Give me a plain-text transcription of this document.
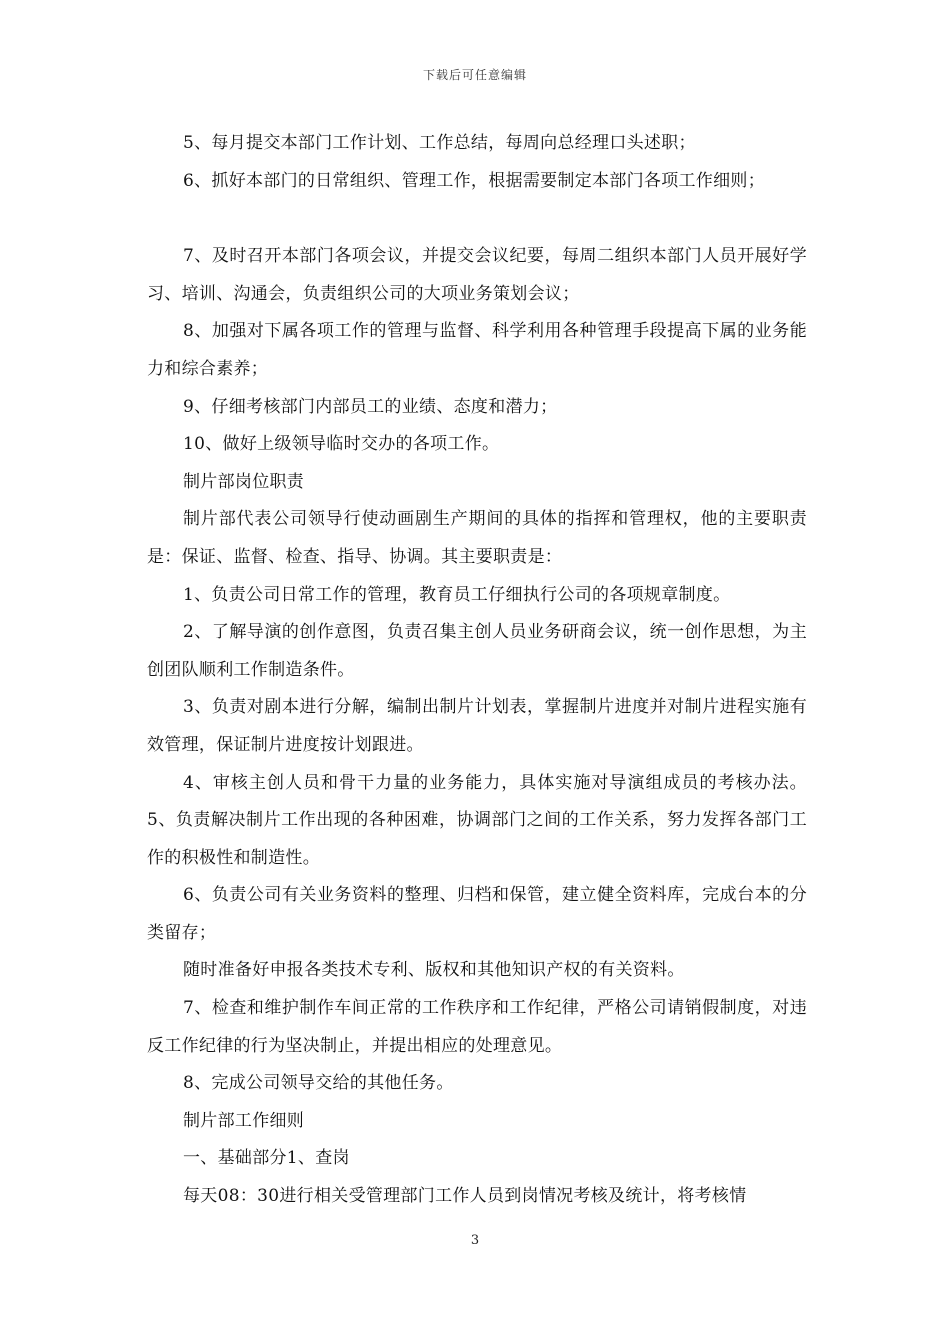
下载后可任意编辑

5、每月提交本部门工作计划、工作总结，每周向总经理口头述职；

6、抓好本部门的日常组织、管理工作，根据需要制定本部门各项工作细则；

7、及时召开本部门各项会议，并提交会议纪要，每周二组织本部门人员开展好学习、培训、沟通会，负责组织公司的大项业务策划会议；

8、加强对下属各项工作的管理与监督、科学利用各种管理手段提高下属的业务能力和综合素养；

9、仔细考核部门内部员工的业绩、态度和潜力；

10、做好上级领导临时交办的各项工作。

制片部岗位职责

制片部代表公司领导行使动画剧生产期间的具体的指挥和管理权，他的主要职责是：保证、监督、检查、指导、协调。其主要职责是：

1、负责公司日常工作的管理，教育员工仔细执行公司的各项规章制度。

2、了解导演的创作意图，负责召集主创人员业务研商会议，统一创作思想，为主创团队顺利工作制造条件。

3、负责对剧本进行分解，编制出制片计划表，掌握制片进度并对制片进程实施有效管理，保证制片进度按计划跟进。

4、审核主创人员和骨干力量的业务能力，具体实施对导演组成员的考核办法。5、负责解决制片工作出现的各种困难，协调部门之间的工作关系，努力发挥各部门工作的积极性和制造性。

6、负责公司有关业务资料的整理、归档和保管，建立健全资料库，完成台本的分类留存；

随时准备好申报各类技术专利、版权和其他知识产权的有关资料。

7、检查和维护制作车间正常的工作秩序和工作纪律，严格公司请销假制度，对违反工作纪律的行为坚决制止，并提出相应的处理意见。

8、完成公司领导交给的其他任务。

制片部工作细则

一、基础部分1、查岗

每天08：30进行相关受管理部门工作人员到岗情况考核及统计，将考核情

3
